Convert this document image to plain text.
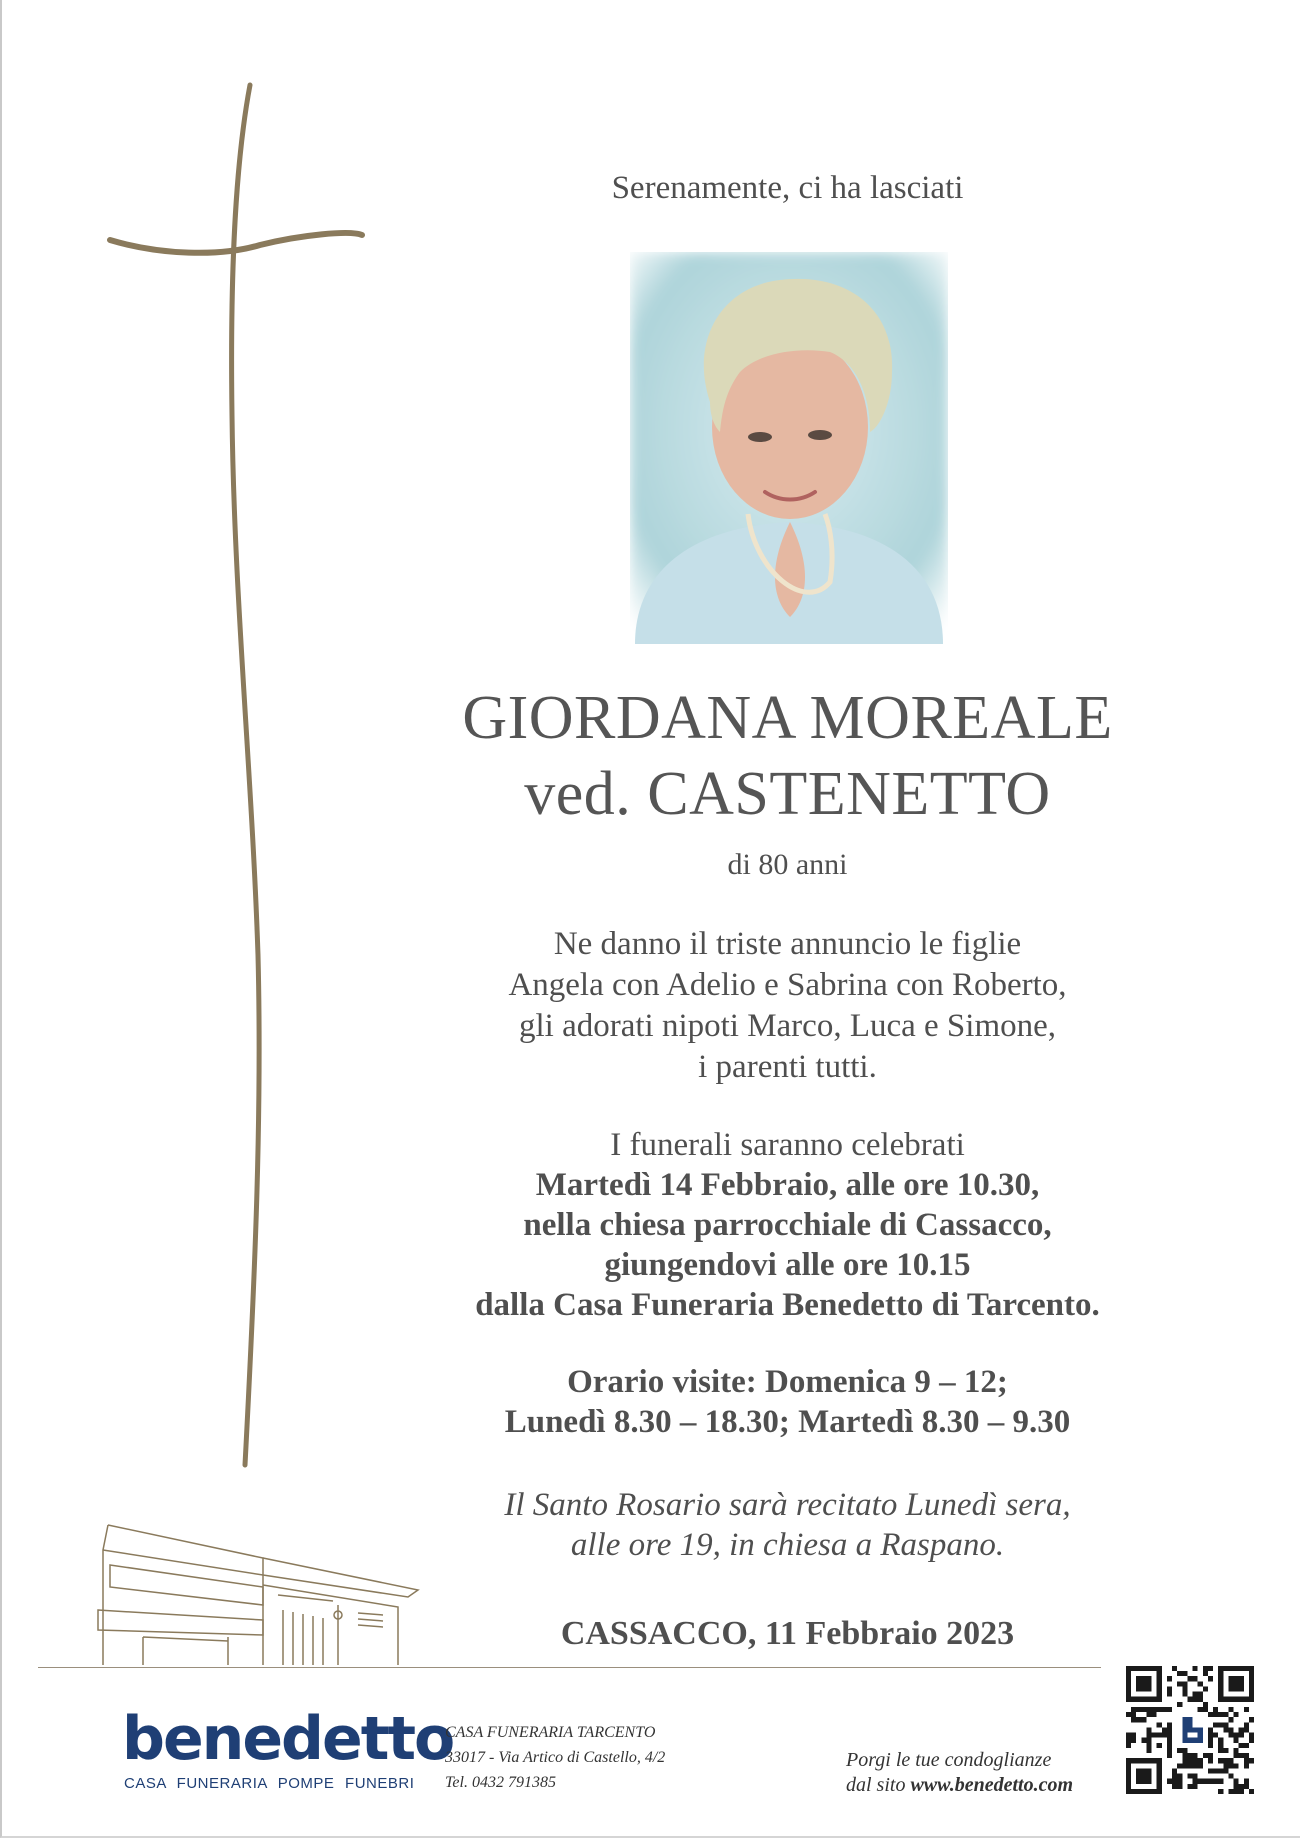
Serenamente, ci ha lasciati
GIORDANA MOREALE
ved. CASTENETTO
di 80 anni
Ne danno il triste annuncio le figlie
Angela con Adelio e Sabrina con Roberto,
gli adorati nipoti Marco, Luca e Simone,
i parenti tutti.
I funerali saranno celebrati
Martedì 14 Febbraio, alle ore 10.30,
nella chiesa parrocchiale di Cassacco,
giungendovi alle ore 10.15
dalla Casa Funeraria Benedetto di Tarcento.
Orario visite: Domenica 9 – 12;
Lunedì 8.30 – 18.30; Martedì 8.30 – 9.30
Il Santo Rosario sarà recitato Lunedì sera,
alle ore 19, in chiesa a Raspano.
CASSACCO, 11 Febbraio 2023
benedetto
CASA FUNERARIA POMPE FUNEBRI
CASA FUNERARIA TARCENTO
33017 - Via Artico di Castello, 4/2
Tel. 0432 791385
Porgi le tue condoglianze
dal sito www.benedetto.com
